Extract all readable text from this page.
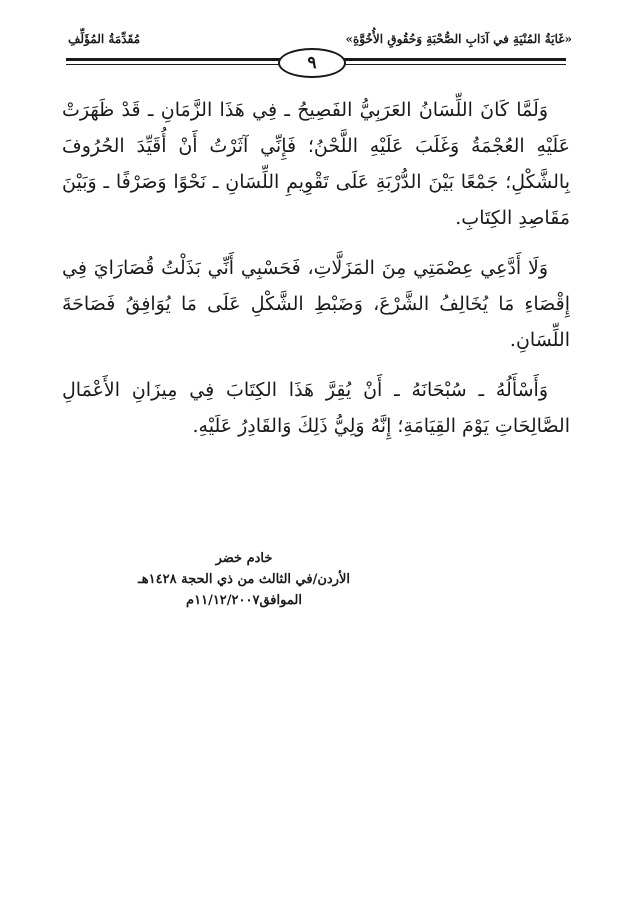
مُقَدِّمَةُ المُؤَلِّفِ	«غَايَةُ المُنْيَةِ في آدَابِ الصُّحْبَةِ وَحُقُوقِ الأُخُوَّةِ»
٩

وَلَمَّا كَانَ اللِّسَانُ العَرَبِيُّ الفَصِيحُ ـ فِي هَذَا الزَّمَانِ ـ قَدْ ظَهَرَتْ عَلَيْهِ العُجْمَةُ وَغَلَبَ عَلَيْهِ اللَّحْنُ؛ فَإِنِّي آثَرْتُ أَنْ أُقَيِّدَ الحُرُوفَ بِالشَّكْلِ؛ جَمْعًا بَيْنَ الدُّرْبَةِ عَلَى تَقْوِيمِ اللِّسَانِ ـ نَحْوًا وَصَرْفًا ـ وَبَيْنَ مَقَاصِدِ الكِتَابِ.

وَلَا أَدَّعِي عِصْمَتِي مِنَ المَزَلَّاتِ، فَحَسْبِي أَنِّي بَذَلْتُ قُصَارَايَ فِي إِقْصَاءِ مَا يُخَالِفُ الشَّرْعَ، وَضَبْطِ الشَّكْلِ عَلَى مَا يُوَافِقُ فَصَاحَةَ اللِّسَانِ.

وَأَسْأَلُهُ ـ سُبْحَانَهُ ـ أَنْ يُقِرَّ هَذَا الكِتَابَ فِي مِيزَانِ الأَعْمَالِ الصَّالِحَاتِ يَوْمَ القِيَامَةِ؛ إِنَّهُ وَلِيُّ ذَلِكَ وَالقَادِرُ عَلَيْهِ.

خادم خضر
الأردن/في الثالث من ذي الحجة ١٤٢٨هـ
الموافق١١/١٢/٢٠٠٧م
